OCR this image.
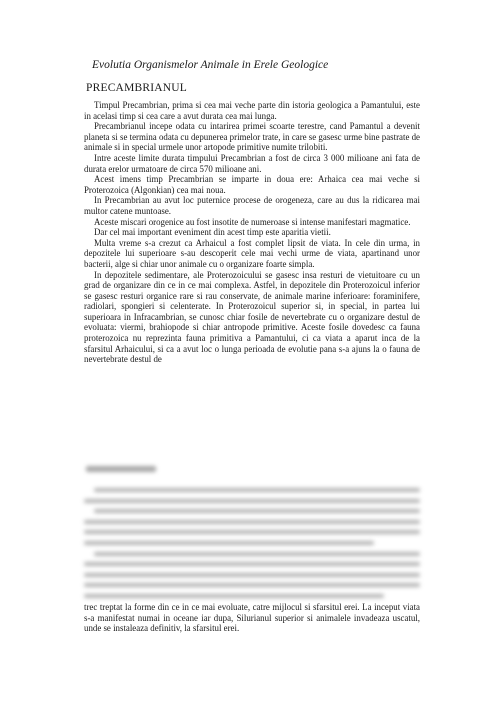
Evolutia Organismelor Animale in Erele Geologice
PRECAMBRIANUL

Timpul Precambrian, prima si cea mai veche parte din istoria geologica a Pamantului, este in acelasi timp si cea care a avut durata cea mai lunga.

Precambrianul incepe odata cu intarirea primei scoarte terestre, cand Pamantul a devenit planeta si se termina odata cu depunerea primelor trate, in care se gasesc urme bine pastrate de animale si in special urmele unor artopode primitive numite trilobiti.

Intre aceste limite durata timpului Precambrian a fost de circa 3 000 milioane ani fata de durata erelor urmatoare de circa 570 milioane ani.

Acest imens timp Precambrian se imparte in doua ere: Arhaica cea mai veche si Proterozoica (Algonkian) cea mai noua.

In Precambrian au avut loc puternice procese de orogeneza, care au dus la ridicarea mai multor catene muntoase.

Aceste miscari orogenice au fost insotite de numeroase si intense manifestari magmatice.

Dar cel mai important eveniment din acest timp este aparitia vietii.

Multa vreme s-a crezut ca Arhaicul a fost complet lipsit de viata. In cele din urma, in depozitele lui superioare s-au descoperit cele mai vechi urme de viata, apartinand unor bacterii, alge si chiar unor animale cu o organizare foarte simpla.

In depozitele sedimentare, ale Proterozoicului se gasesc insa resturi de vietuitoare cu un grad de organizare din ce in ce mai complexa. Astfel, in depozitele din Proterozoicul inferior se gasesc resturi organice rare si rau conservate, de animale marine inferioare: foraminifere, radiolari, spongieri si celenterate. In Proterozoicul superior si, in special, in partea lui superioara in Infracambrian, se cunosc chiar fosile de nevertebrate cu o organizare destul de evoluata: viermi, brahiopode si chiar antropode primitive. Aceste fosile dovedesc ca fauna proterozoica nu reprezinta fauna primitiva a Pamantului, ci ca viata a aparut inca de la sfarsitul Arhaicului, si ca a avut loc o lunga perioada de evolutie pana s-a ajuns la o fauna de nevertebrate destul de

trec treptat la forme din ce in ce mai evoluate, catre mijlocul si sfarsitul erei. La inceput viata s-a manifestat numai in oceane iar dupa, Silurianul superior si animalele invadeaza uscatul, unde se instaleaza definitiv, la sfarsitul erei.
